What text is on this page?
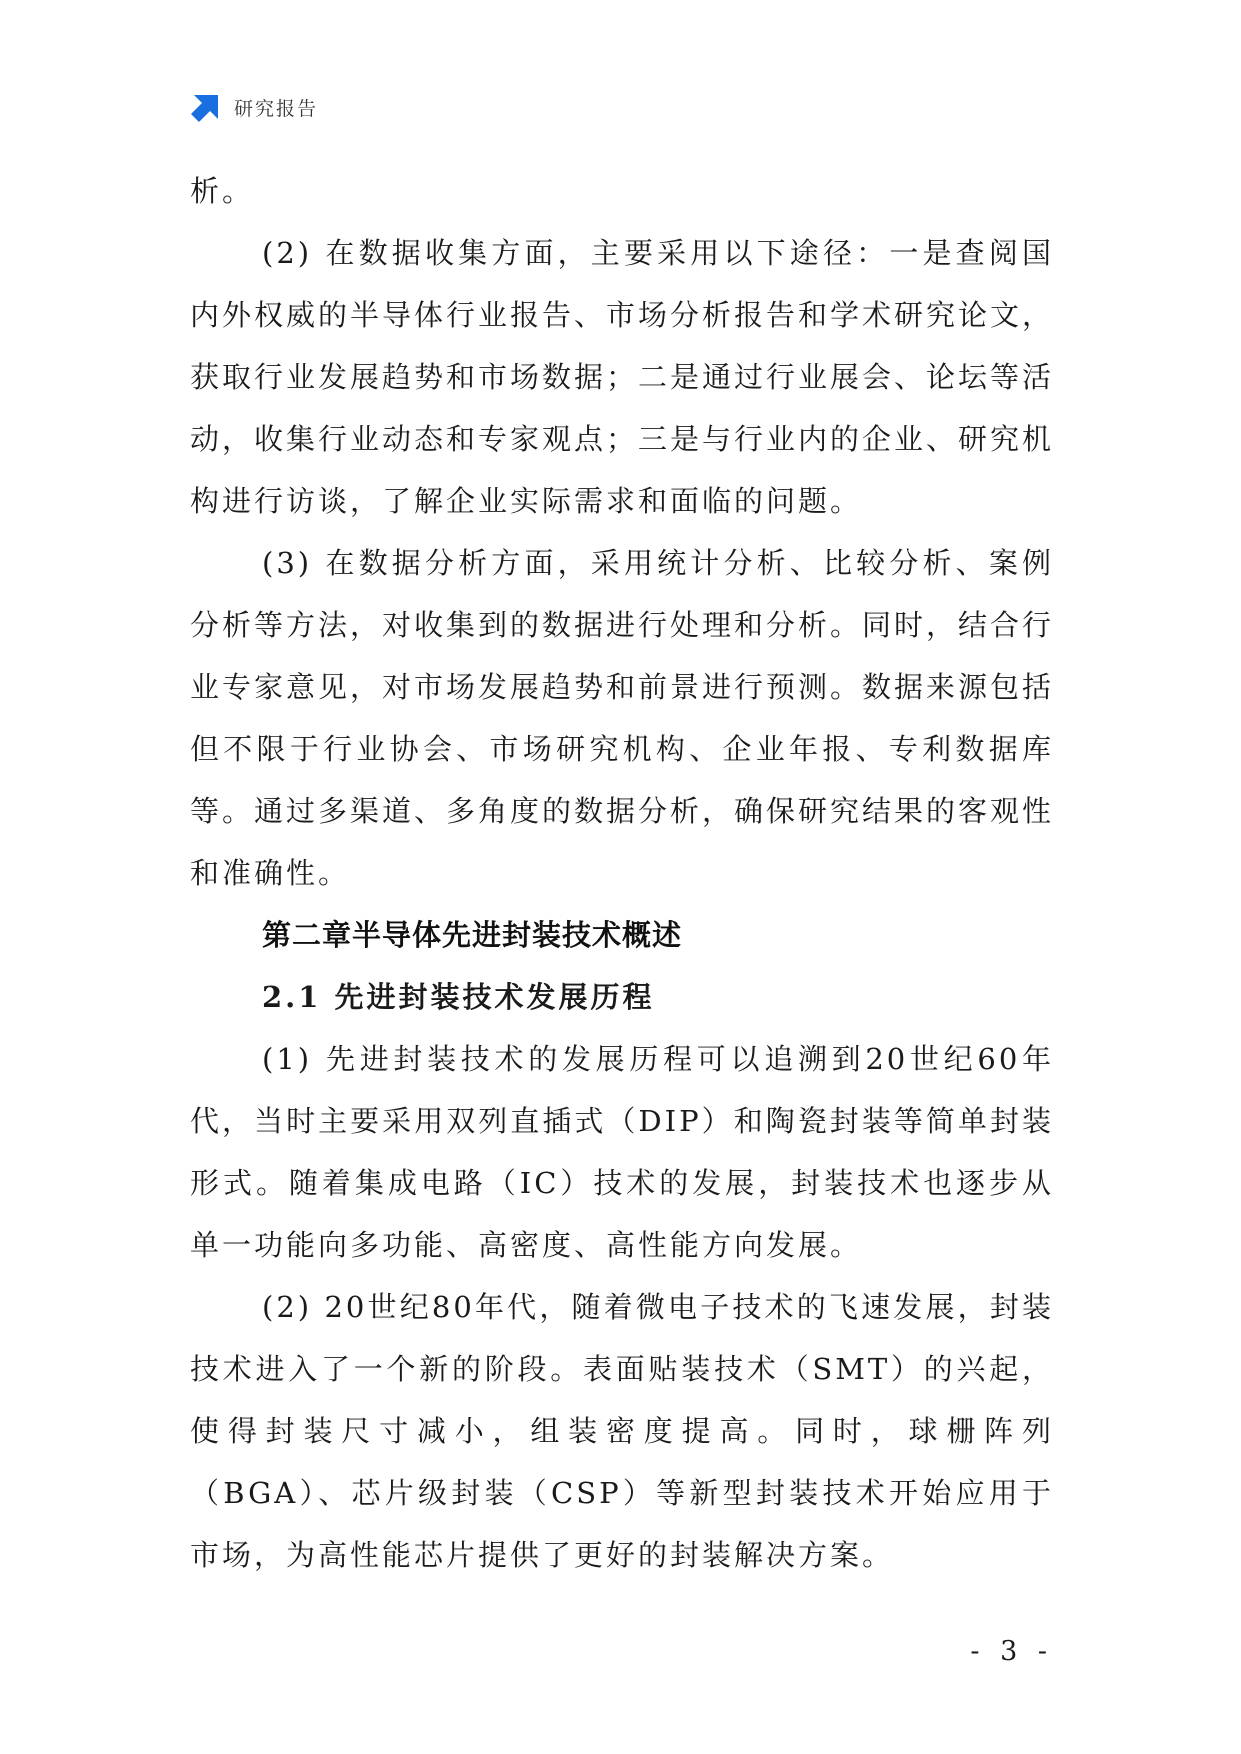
研究报告

析。

(2) 在数据收集方面，主要采用以下途径：一是查阅国内外权威的半导体行业报告、市场分析报告和学术研究论文，获取行业发展趋势和市场数据；二是通过行业展会、论坛等活动，收集行业动态和专家观点；三是与行业内的企业、研究机构进行访谈，了解企业实际需求和面临的问题。

(3) 在数据分析方面，采用统计分析、比较分析、案例分析等方法，对收集到的数据进行处理和分析。同时，结合行业专家意见，对市场发展趋势和前景进行预测。数据来源包括但不限于行业协会、市场研究机构、企业年报、专利数据库等。通过多渠道、多角度的数据分析，确保研究结果的客观性和准确性。

第二章半导体先进封装技术概述
2.1 先进封装技术发展历程

(1) 先进封装技术的发展历程可以追溯到20世纪60年代，当时主要采用双列直插式（DIP）和陶瓷封装等简单封装形式。随着集成电路（IC）技术的发展，封装技术也逐步从单一功能向多功能、高密度、高性能方向发展。

(2) 20世纪80年代，随着微电子技术的飞速发展，封装技术进入了一个新的阶段。表面贴装技术（SMT）的兴起，使得封装尺寸减小，组装密度提高。同时，球栅阵列（BGA）、芯片级封装（CSP）等新型封装技术开始应用于市场，为高性能芯片提供了更好的封装解决方案。

- 3 -
